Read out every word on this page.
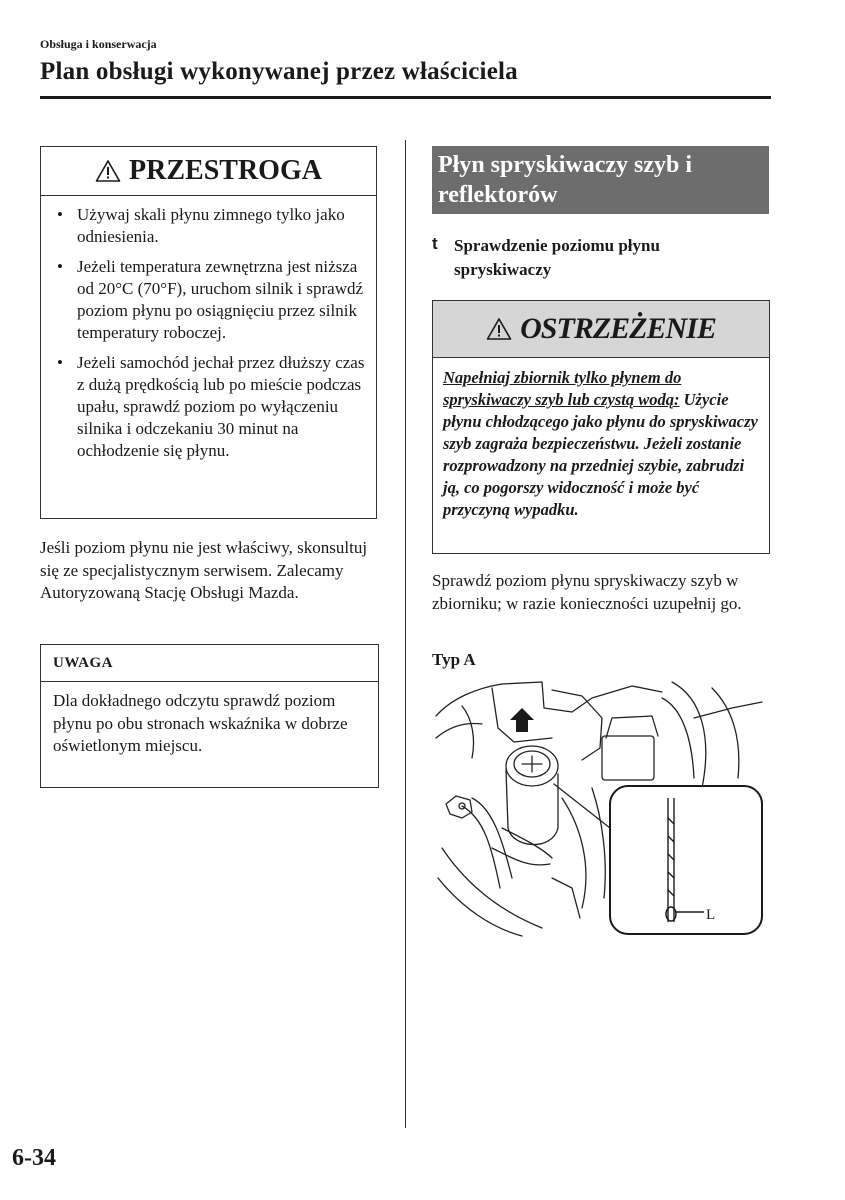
Obsługa i konserwacja
Plan obsługi wykonywanej przez właściciela
PRZESTROGA
• Używaj skali płynu zimnego tylko jako odniesienia.
• Jeżeli temperatura zewnętrzna jest niższa od 20°C (70°F), uruchom silnik i sprawdź poziom płynu po osiągnięciu przez silnik temperatury roboczej.
• Jeżeli samochód jechał przez dłuższy czas z dużą prędkością lub po mieście podczas upału, sprawdź poziom po wyłączeniu silnika i odczekaniu 30 minut na ochłodzenie się płynu.
Jeśli poziom płynu nie jest właściwy, skonsultuj się ze specjalistycznym serwisem. Zalecamy Autoryzowaną Stację Obsługi Mazda.
UWAGA
Dla dokładnego odczytu sprawdź poziom płynu po obu stronach wskaźnika w dobrze oświetlonym miejscu.
Płyn spryskiwaczy szyb i reflektorów
t Sprawdzenie poziomu płynu spryskiwaczy
OSTRZEŻENIE
Napełniaj zbiornik tylko płynem do spryskiwaczy szyb lub czystą wodą: Użycie płynu chłodzącego jako płynu do spryskiwaczy szyb zagraża bezpieczeństwu. Jeżeli zostanie rozprowadzony na przedniej szybie, zabrudzi ją, co pogorszy widoczność i może być przyczyną wypadku.
Sprawdź poziom płynu spryskiwaczy szyb w zbiorniku; w razie konieczności uzupełnij go.
Typ A
L
6-34
